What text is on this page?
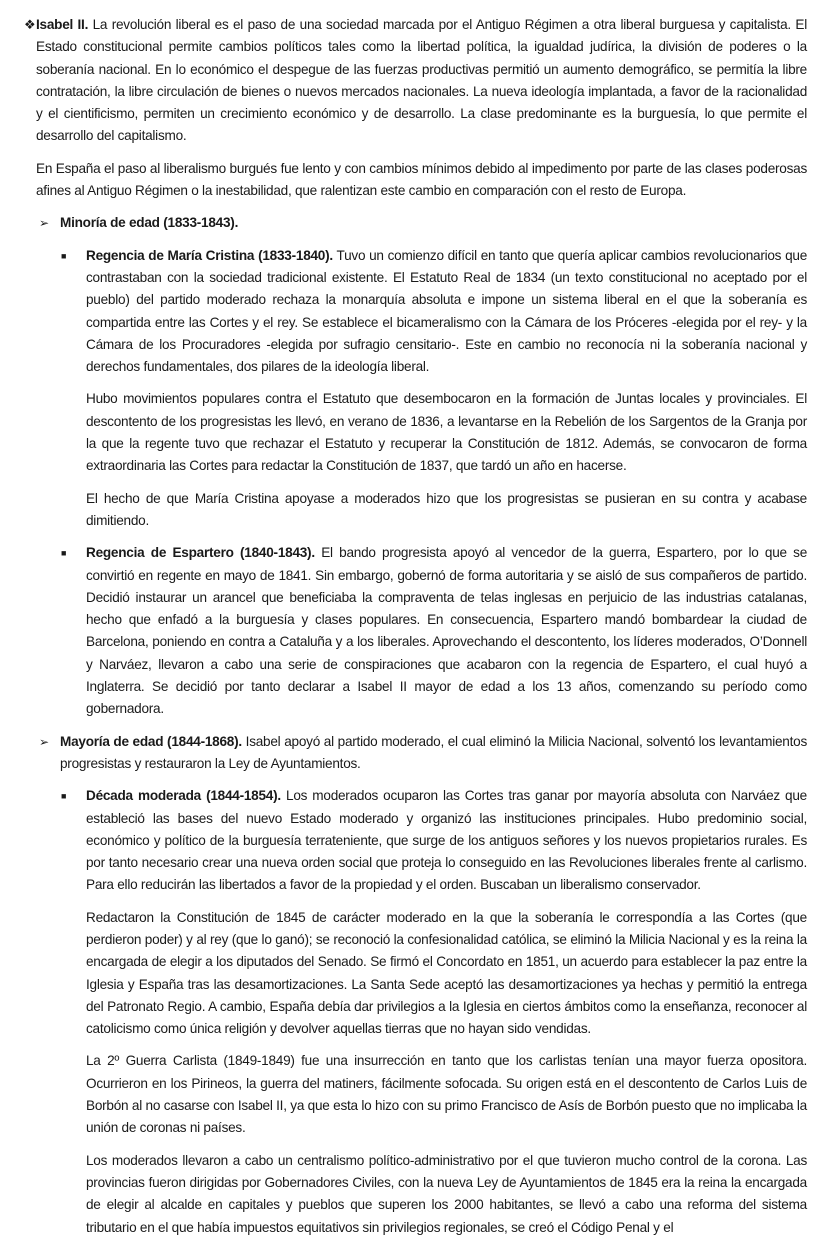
❖ Isabel II. La revolución liberal es el paso de una sociedad marcada por el Antiguo Régimen a otra liberal burguesa y capitalista. El Estado constitucional permite cambios políticos tales como la libertad política, la igualdad judírica, la división de poderes o la soberanía nacional. En lo económico el despegue de las fuerzas productivas permitió un aumento demográfico, se permitía la libre contratación, la libre circulación de bienes o nuevos mercados nacionales. La nueva ideología implantada, a favor de la racionalidad y el cientificismo, permiten un crecimiento económico y de desarrollo. La clase predominante es la burguesía, lo que permite el desarrollo del capitalismo.

En España el paso al liberalismo burgués fue lento y con cambios mínimos debido al impedimento por parte de las clases poderosas afines al Antiguo Régimen o la inestabilidad, que ralentizan este cambio en comparación con el resto de Europa.

➢ Minoría de edad (1833-1843).

■ Regencia de María Cristina (1833-1840). Tuvo un comienzo difícil en tanto que quería aplicar cambios revolucionarios que contrastaban con la sociedad tradicional existente. El Estatuto Real de 1834 (un texto constitucional no aceptado por el pueblo) del partido moderado rechaza la monarquía absoluta e impone un sistema liberal en el que la soberanía es compartida entre las Cortes y el rey. Se establece el bicameralismo con la Cámara de los Próceres -elegida por el rey- y la Cámara de los Procuradores -elegida por sufragio censitario-. Este en cambio no reconocía ni la soberanía nacional y derechos fundamentales, dos pilares de la ideología liberal.

Hubo movimientos populares contra el Estatuto que desembocaron en la formación de Juntas locales y provinciales. El descontento de los progresistas les llevó, en verano de 1836, a levantarse en la Rebelión de los Sargentos de la Granja por la que la regente tuvo que rechazar el Estatuto y recuperar la Constitución de 1812. Además, se convocaron de forma extraordinaria las Cortes para redactar la Constitución de 1837, que tardó un año en hacerse.

El hecho de que María Cristina apoyase a moderados hizo que los progresistas se pusieran en su contra y acabase dimitiendo.

■ Regencia de Espartero (1840-1843). El bando progresista apoyó al vencedor de la guerra, Espartero, por lo que se convirtió en regente en mayo de 1841. Sin embargo, gobernó de forma autoritaria y se aisló de sus compañeros de partido. Decidió instaurar un arancel que beneficiaba la compraventa de telas inglesas en perjuicio de las industrias catalanas, hecho que enfadó a la burguesía y clases populares. En consecuencia, Espartero mandó bombardear la ciudad de Barcelona, poniendo en contra a Cataluña y a los liberales. Aprovechando el descontento, los líderes moderados, O’Donnell y Narváez, llevaron a cabo una serie de conspiraciones que acabaron con la regencia de Espartero, el cual huyó a Inglaterra. Se decidió por tanto declarar a Isabel II mayor de edad a los 13 años, comenzando su período como gobernadora.

➢ Mayoría de edad (1844-1868). Isabel apoyó al partido moderado, el cual eliminó la Milicia Nacional, solventó los levantamientos progresistas y restauraron la Ley de Ayuntamientos.

■ Década moderada (1844-1854). Los moderados ocuparon las Cortes tras ganar por mayoría absoluta con Narváez que estableció las bases del nuevo Estado moderado y organizó las instituciones principales. Hubo predominio social, económico y político de la burguesía terrateniente, que surge de los antiguos señores y los nuevos propietarios rurales. Es por tanto necesario crear una nueva orden social que proteja lo conseguido en las Revoluciones liberales frente al carlismo. Para ello reducirán las libertados a favor de la propiedad y el orden. Buscaban un liberalismo conservador.

Redactaron la Constitución de 1845 de carácter moderado en la que la soberanía le correspondía a las Cortes (que perdieron poder) y al rey (que lo ganó); se reconoció la confesionalidad católica, se eliminó la Milicia Nacional y es la reina la encargada de elegir a los diputados del Senado. Se firmó el Concordato en 1851, un acuerdo para establecer la paz entre la Iglesia y España tras las desamortizaciones. La Santa Sede aceptó las desamortizaciones ya hechas y permitió la entrega del Patronato Regio. A cambio, España debía dar privilegios a la Iglesia en ciertos ámbitos como la enseñanza, reconocer al catolicismo como única religión y devolver aquellas tierras que no hayan sido vendidas.

La 2º Guerra Carlista (1849-1849) fue una insurrección en tanto que los carlistas tenían una mayor fuerza opositora. Ocurrieron en los Pirineos, la guerra del matiners, fácilmente sofocada. Su origen está en el descontento de Carlos Luis de Borbón al no casarse con Isabel II, ya que esta lo hizo con su primo Francisco de Asís de Borbón puesto que no implicaba la unión de coronas ni países.

Los moderados llevaron a cabo un centralismo político-administrativo por el que tuvieron mucho control de la corona. Las provincias fueron dirigidas por Gobernadores Civiles, con la nueva Ley de Ayuntamientos de 1845 era la reina la encargada de elegir al alcalde en capitales y pueblos que superen los 2000 habitantes, se llevó a cabo una reforma del sistema tributario en el que había impuestos equitativos sin privilegios regionales, se creó el Código Penal y el
